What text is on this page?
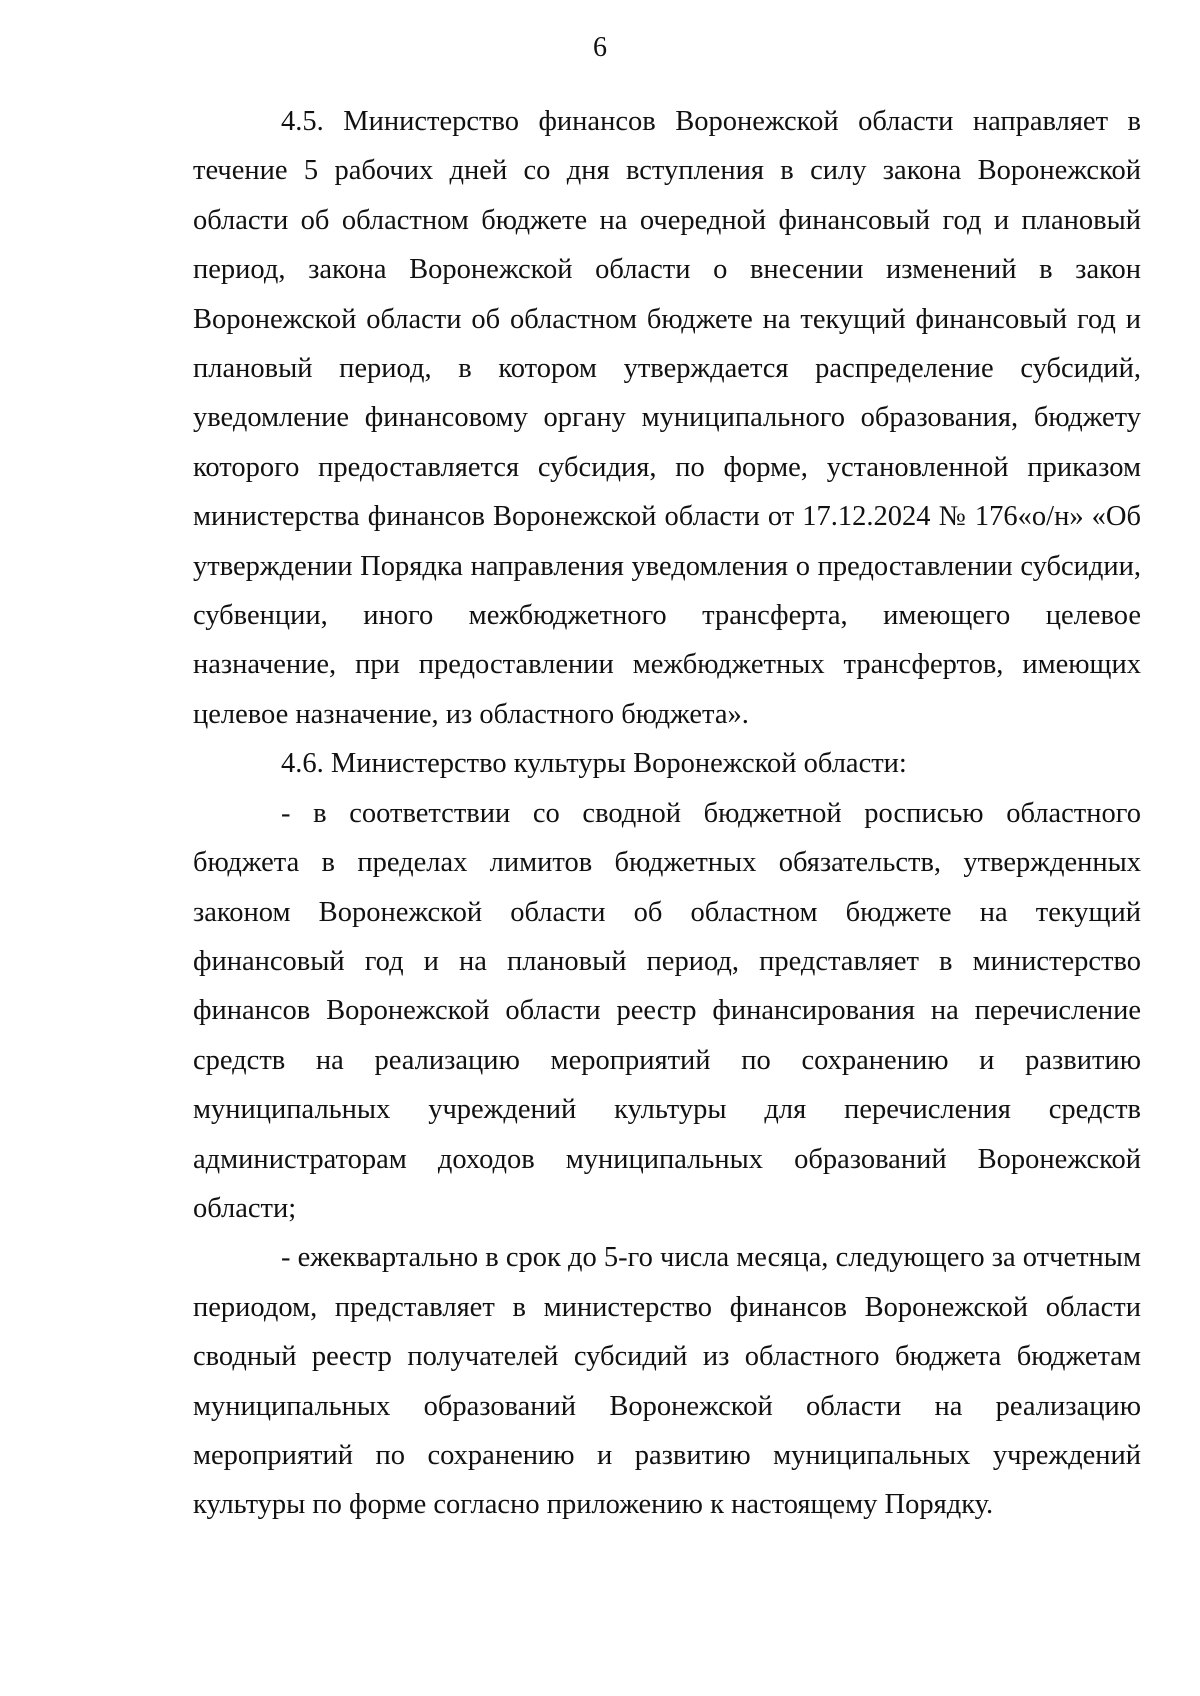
6

4.5. Министерство финансов Воронежской области направляет в течение 5 рабочих дней со дня вступления в силу закона Воронежской области об областном бюджете на очередной финансовый год и плановый период, закона Воронежской области о внесении изменений в закон Воронежской области об областном бюджете на текущий финансовый год и плановый период, в котором утверждается распределение субсидий, уведомление финансовому органу муниципального образования, бюджету которого предоставляется субсидия, по форме, установленной приказом министерства финансов Воронежской области от 17.12.2024 № 176«о/н» «Об утверждении Порядка направления уведомления о предоставлении субсидии, субвенции, иного межбюджетного трансферта, имеющего целевое назначение, при предоставлении межбюджетных трансфертов, имеющих целевое назначение, из областного бюджета».

4.6. Министерство культуры Воронежской области:

- в соответствии со сводной бюджетной росписью областного бюджета в пределах лимитов бюджетных обязательств, утвержденных законом Воронежской области об областном бюджете на текущий финансовый год и на плановый период, представляет в министерство финансов Воронежской области реестр финансирования на перечисление средств на реализацию мероприятий по сохранению и развитию муниципальных учреждений культуры для перечисления средств администраторам доходов муниципальных образований Воронежской области;

- ежеквартально в срок до 5-го числа месяца, следующего за отчетным периодом, представляет в министерство финансов Воронежской области сводный реестр получателей субсидий из областного бюджета бюджетам муниципальных образований Воронежской области на реализацию мероприятий по сохранению и развитию муниципальных учреждений культуры по форме согласно приложению к настоящему Порядку.
